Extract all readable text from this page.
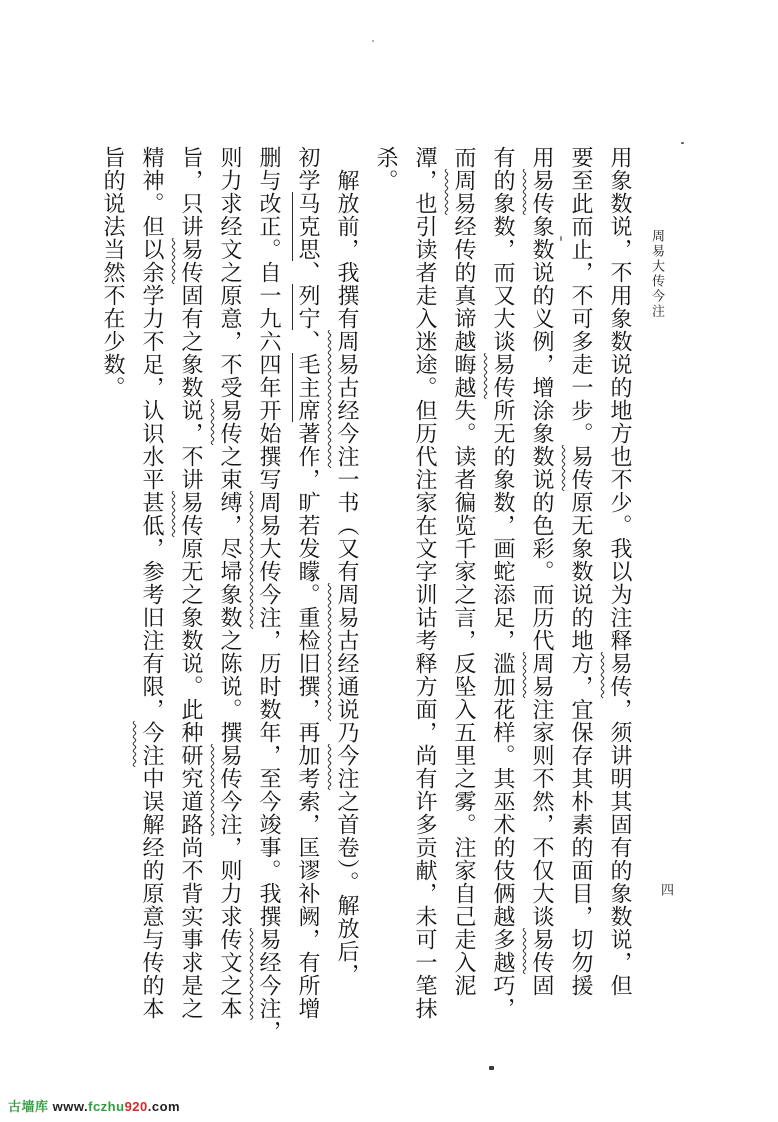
周易大传今注
四

用象数说，不用象数说的地方也不少。我以为注释易传，须讲明其固有的象数说，但

要至此而止，不可多走一步。易传原无象数说的地方，宜保存其朴素的面目，切勿援

用易传象数说的义例，增涂象数说的色彩。而历代周易注家则不然，不仅大谈易传固

有的象数，而又大谈易传所无的象数，画蛇添足，滥加花样。其巫术的伎俩越多越巧，

而周易经传的真谛越晦越失。读者徧览千家之言，反坠入五里之雾。注家自己走入泥

潭，也引读者走入迷途。但历代注家在文字训诂考释方面，尚有许多贡献，未可一笔抹

杀。

解放前，我撰有周易古经今注一书（又有周易古经通说乃今注之首卷）。解放后，

初学马克思、列宁、毛主席著作，旷若发矇。重检旧撰，再加考索，匡谬补阙，有所增

删与改正。自一九六四年开始撰写周易大传今注，历时数年，至今竣事。我撰易经今注，

则力求经文之原意，不受易传之束缚，尽埽象数之陈说。撰易传今注，则力求传文之本

旨，只讲易传固有之象数说，不讲易传原无之象数说。此种研究道路尚不背实事求是之

精神。但以余学力不足，认识水平甚低，参考旧注有限，今注中误解经的原意与传的本

旨的说法当然不在少数。

古墙库 www.fczhu920.com
